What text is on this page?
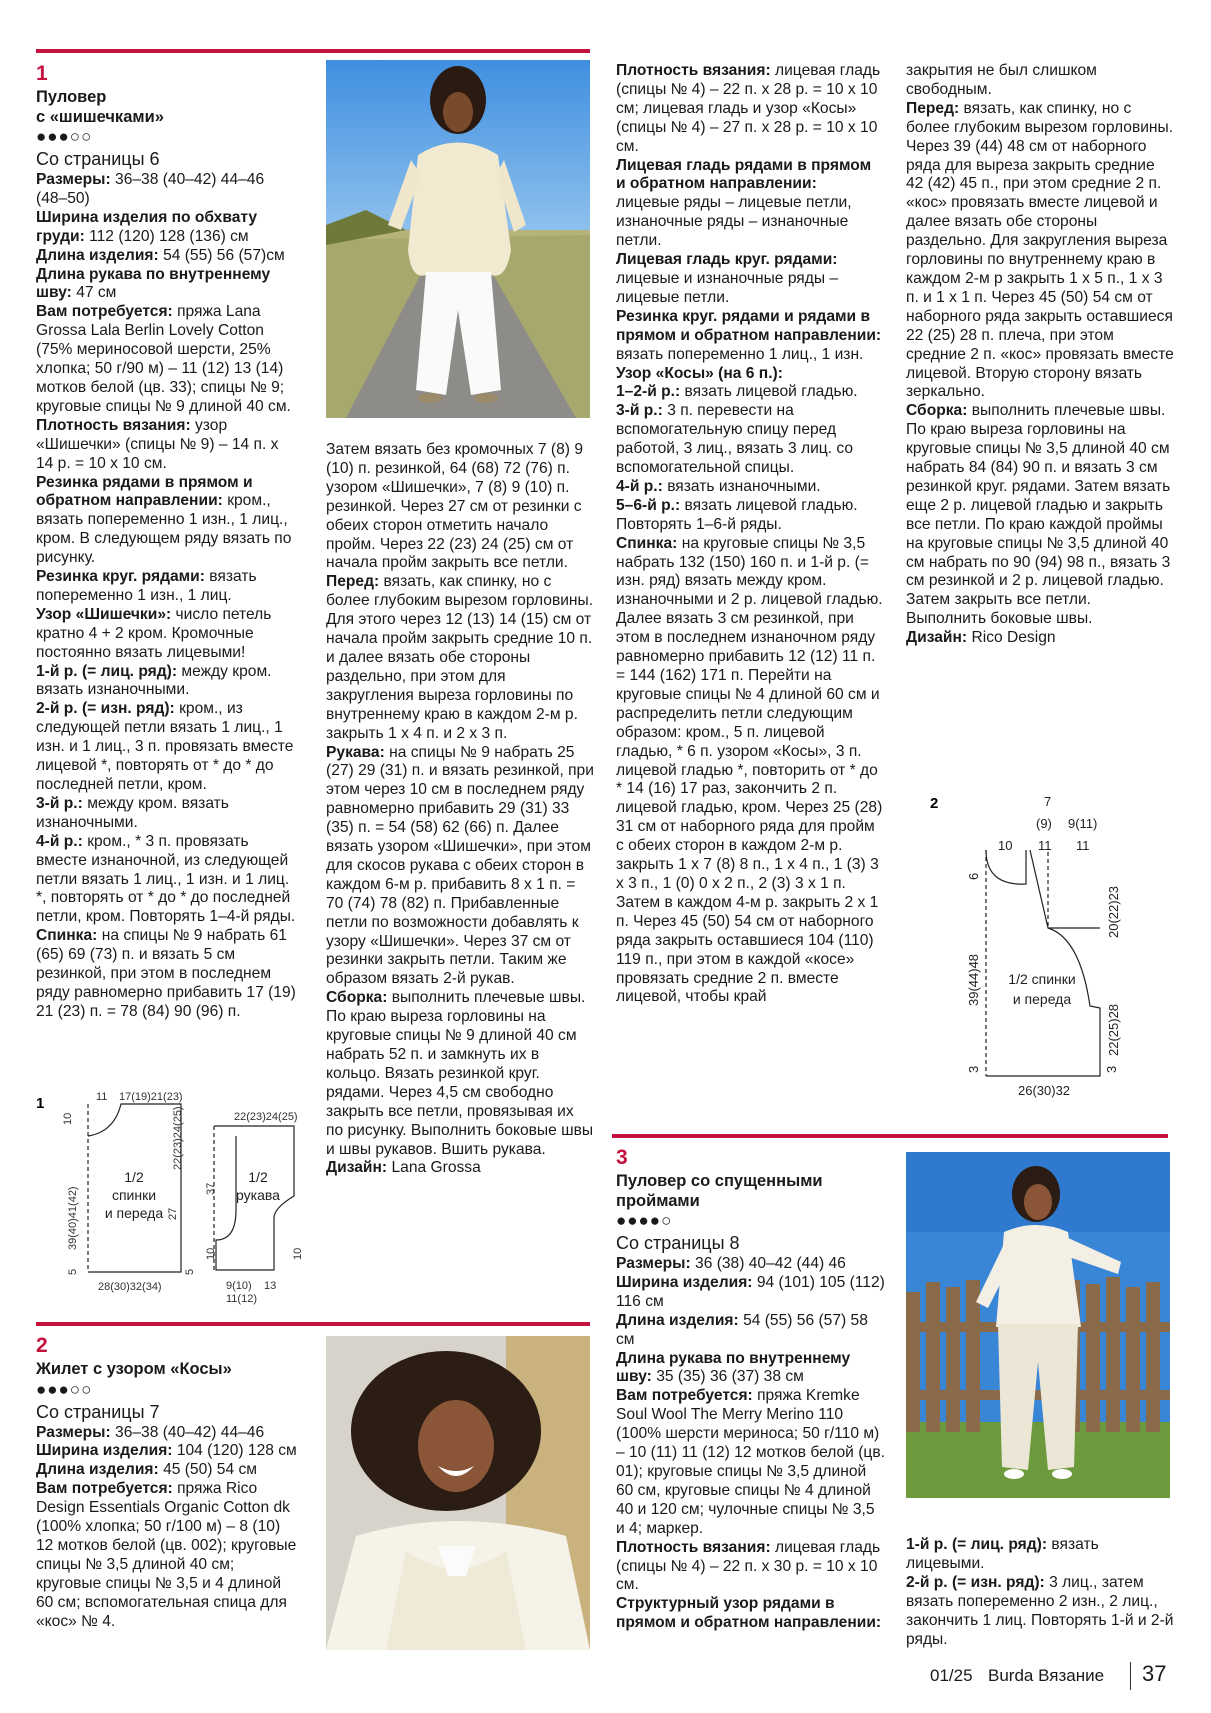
1
Пуловер
с «шишечками»
●●●○○
Со страницы 6

Размеры: 36–38 (40–42) 44–46 (48–50)

Ширина изделия по обхвату груди: 112 (120) 128 (136) см

Длина изделия: 54 (55) 56 (57)см

Длина рукава по внутреннему шву: 47 см

Вам потребуется: пряжа Lana Grossa Lala Berlin Lovely Cotton (75% мериносовой шерсти, 25% хлопка; 50 г/90 м) – 11 (12) 13 (14) мотков белой (цв. 33); спицы № 9; круговые спицы № 9 длиной 40 см.

Плотность вязания: узор «Шишечки» (спицы № 9) – 14 п. x 14 р. = 10 x 10 см.

Резинка рядами в прямом и обратном направлении: кром., вязать попеременно 1 изн., 1 лиц., кром. В следующем ряду вязать по рисунку.

Резинка круг. рядами: вязать попеременно 1 изн., 1 лиц.

Узор «Шишечки»: число петель кратно 4 + 2 кром. Кромочные постоянно вязать лицевыми!

1-й р. (= лиц. ряд): между кром. вязать изнаночными.

2-й р. (= изн. ряд): кром., из следующей петли вязать 1 лиц., 1 изн. и 1 лиц., 3 п. провязать вместе лицевой *, повторять от * до * до последней петли, кром.

3-й р.: между кром. вязать изнаночными.

4-й р.: кром., * 3 п. провязать вместе изнаночной, из следующей петли вязать 1 лиц., 1 изн. и 1 лиц. *, повторять от * до * до последней петли, кром. Повторять 1–4-й ряды.

Спинка: на спицы № 9 набрать 61 (65) 69 (73) п. и вязать 5 см резинкой, при этом в последнем ряду равномерно прибавить 17 (19) 21 (23) п. = 78 (84) 90 (96) п.

Затем вязать без кромочных 7 (8) 9 (10) п. резинкой, 64 (68) 72 (76) п. узором «Шишечки», 7 (8) 9 (10) п. резинкой. Через 27 см от резинки с обеих сторон отметить начало пройм. Через 22 (23) 24 (25) см от начала пройм закрыть все петли.

Перед: вязать, как спинку, но с более глубоким вырезом горловины. Для этого через 12 (13) 14 (15) см от начала пройм закрыть средние 10 п. и далее вязать обе стороны раздельно, при этом для закругления выреза горловины по внутреннему краю в каждом 2-м р. закрыть 1 x 4 п. и 2 x 3 п.

Рукава: на спицы № 9 набрать 25 (27) 29 (31) п. и вязать резинкой, при этом через 10 см в последнем ряду равномерно прибавить 29 (31) 33 (35) п. = 54 (58) 62 (66) п. Далее вязать узором «Шишечки», при этом для скосов рукава с обеих сторон в каждом 6-м р. прибавить 8 x 1 п. = 70 (74) 78 (82) п. Прибавленные петли по возможности добавлять к узору «Шишечки». Через 37 см от резинки закрыть петли. Таким же образом вязать 2-й рукав.

Сборка: выполнить плечевые швы. По краю выреза горловины на круговые спицы № 9 длиной 40 см набрать 52 п. и замкнуть их в кольцо. Вязать резинкой круг. рядами. Через 4,5 см свободно закрыть все петли, провязывая их по рисунку. Выполнить боковые швы и швы рукавов. Вшить рукава.

Дизайн: Lana Grossa

1	11 17(19)21(23)
10	22(23)24(25)
39(40)41(42)	27
5	5
28(30)32(34)
22(23)24(25)
37
10	10
9(10)
11(12)
13
1/2
спинки
и переда
1/2
рукава
2
Жилет с узором «Косы»
●●●○○
Со страницы 7

Размеры: 36–38 (40–42) 44–46

Ширина изделия: 104 (120) 128 см

Длина изделия: 45 (50) 54 см

Вам потребуется: пряжа Rico Design Essentials Organic Cotton dk (100% хлопка; 50 г/100 м) – 8 (10) 12 мотков белой (цв. 002); круговые спицы № 3,5 длиной 40 см; круговые спицы № 3,5 и 4 длиной 60 см; вспомогательная спица для «кос» № 4.

Плотность вязания: лицевая гладь (спицы № 4) – 22 п. x 28 р. = 10 x 10 см; лицевая гладь и узор «Косы» (спицы № 4) – 27 п. x 28 р. = 10 x 10 см.

Лицевая гладь рядами в прямом и обратном направлении: лицевые ряды – лицевые петли, изнаночные ряды – изнаночные петли.

Лицевая гладь круг. рядами: лицевые и изнаночные ряды – лицевые петли.

Резинка круг. рядами и рядами в прямом и обратном направлении: вязать попеременно 1 лиц., 1 изн.

Узор «Косы» (на 6 п.):

1–2-й р.: вязать лицевой гладью.

3-й р.: 3 п. перевести на вспомогательную спицу перед работой, 3 лиц., вязать 3 лиц. со вспомогательной спицы.

4-й р.: вязать изнаночными.

5–6-й р.: вязать лицевой гладью. Повторять 1–6-й ряды.

Спинка: на круговые спицы № 3,5 набрать 132 (150) 160 п. и 1-й р. (= изн. ряд) вязать между кром. изнаночными и 2 р. лицевой гладью. Далее вязать 3 см резинкой, при этом в последнем изнаночном ряду равномерно прибавить 12 (12) 11 п. = 144 (162) 171 п. Перейти на круговые спицы № 4 длиной 60 см и распределить петли следующим образом: кром., 5 п. лицевой гладью, * 6 п. узором «Косы», 3 п. лицевой гладью *, повторить от * до * 14 (16) 17 раз, закончить 2 п. лицевой гладью, кром. Через 25 (28) 31 см от наборного ряда для пройм с обеих сторон в каждом 2-м р. закрыть 1 x 7 (8) 8 п., 1 x 4 п., 1 (3) 3 x 3 п., 1 (0) 0 x 2 п., 2 (3) 3 x 1 п. Затем в каждом 4-м р. закрыть 2 x 1 п. Через 45 (50) 54 см от наборного ряда закрыть оставшиеся 104 (110) 119 п., при этом в каждой «косе» провязать средние 2 п. вместе лицевой, чтобы край

закрытия не был слишком свободным.

Перед: вязать, как спинку, но с более глубоким вырезом горловины. Через 39 (44) 48 см от наборного ряда для выреза закрыть средние 42 (42) 45 п., при этом средние 2 п. «кос» провязать вместе лицевой и далее вязать обе стороны раздельно. Для закругления выреза горловины по внутреннему краю в каждом 2-м р закрыть 1 x 5 п., 1 x 3 п. и 1 x 1 п. Через 45 (50) 54 см от наборного ряда закрыть оставшиеся 22 (25) 28 п. плеча, при этом средние 2 п. «кос» провязать вместе лицевой. Вторую сторону вязать зеркально.

Сборка: выполнить плечевые швы. По краю выреза горловины на круговые спицы № 3,5 длиной 40 см набрать 84 (84) 90 п. и вязать 3 см резинкой круг. рядами. Затем вязать еще 2 р. лицевой гладью и закрыть все петли. По краю каждой проймы на круговые спицы № 3,5 длиной 40 см набрать по 90 (94) 98 п., вязать 3 см резинкой и 2 р. лицевой гладью. Затем закрыть все петли. Выполнить боковые швы.

Дизайн: Rico Design

2	7
(9) 9(11)
10 11 11
6
39(44)48
3
20(22)23
22(25)28
3
26(30)32
1/2 спинки
и переда
3
Пуловер со спущенными
проймами
●●●●○
Со страницы 8

Размеры: 36 (38) 40–42 (44) 46

Ширина изделия: 94 (101) 105 (112) 116 см

Длина изделия: 54 (55) 56 (57) 58 см

Длина рукава по внутреннему шву: 35 (35) 36 (37) 38 см

Вам потребуется: пряжа Kremke Soul Wool The Merry Merino 110 (100% шерсти мериноса; 50 г/110 м) – 10 (11) 11 (12) 12 мотков белой (цв. 01); круговые спицы № 3,5 длиной 60 см, круговые спицы № 4 длиной 40 и 120 см; чулочные спицы № 3,5 и 4; маркер.

Плотность вязания: лицевая гладь (спицы № 4) – 22 п. x 30 р. = 10 x 10 см.

Структурный узор рядами в прямом и обратном направлении:

1-й р. (= лиц. ряд): вязать лицевыми.

2-й р. (= изн. ряд): 3 лиц., затем вязать попеременно 2 изн., 2 лиц., закончить 1 лиц. Повторять 1-й и 2-й ряды.

01/25 Burda Вязание 37
